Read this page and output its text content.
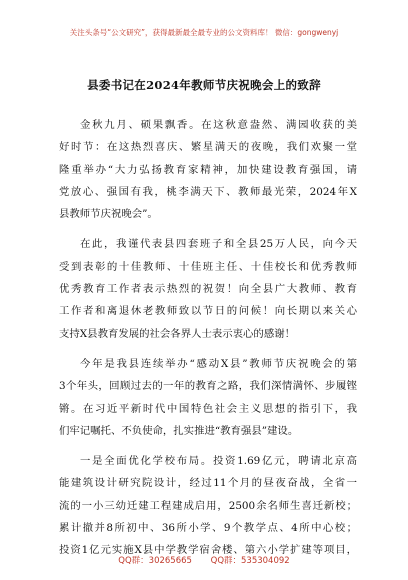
关注头条号“公文研究”，获得最新最全最专业的公文资料库！ 微信：gongwenyj
县委书记在2024年教师节庆祝晚会上的致辞
金秋九月、硕果飘香。在这秋意盎然、满园收获的美
好时节：在这热烈喜庆、繁星满天的夜晚，我们欢聚一堂
隆重举办“大力弘扬教育家精神，加快建设教育强国，请
党放心、强国有我，桃李满天下、教师最光荣，2024年X
县教师节庆祝晚会”。
在此，我谨代表县四套班子和全县25万人民，向今天
受到表彰的十佳教师、十佳班主任、十佳校长和优秀教师
优秀教育工作者表示热烈的祝贺！向全县广大教师、教育
工作者和离退休老教师致以节日的问候！向长期以来关心
支持X县教育发展的社会各界人士表示衷心的感谢！
今年是我县连续举办“感动X县”教师节庆祝晚会的第
3个年头，回顾过去的一年的教育之路，我们深情满怀、步履铿
锵。在习近平新时代中国特色社会主义思想的指引下，我
们牢记嘱托、不负使命，扎实推进“教育强县”建设。
一是全面优化学校布局。投资1.69亿元，聘请北京高
能建筑设计研究院设计，经过11个月的昼夜奋战，全省一
流的一小三幼迁建工程建成启用，2500余名师生喜迁新校；
累计撤并8所初中、36所小学、9个教学点、4所中心校；
投资1亿元实施X县中学教学宿舍楼、第六小学扩建等项目，
QQ群：30265665 QQ群：535304092
